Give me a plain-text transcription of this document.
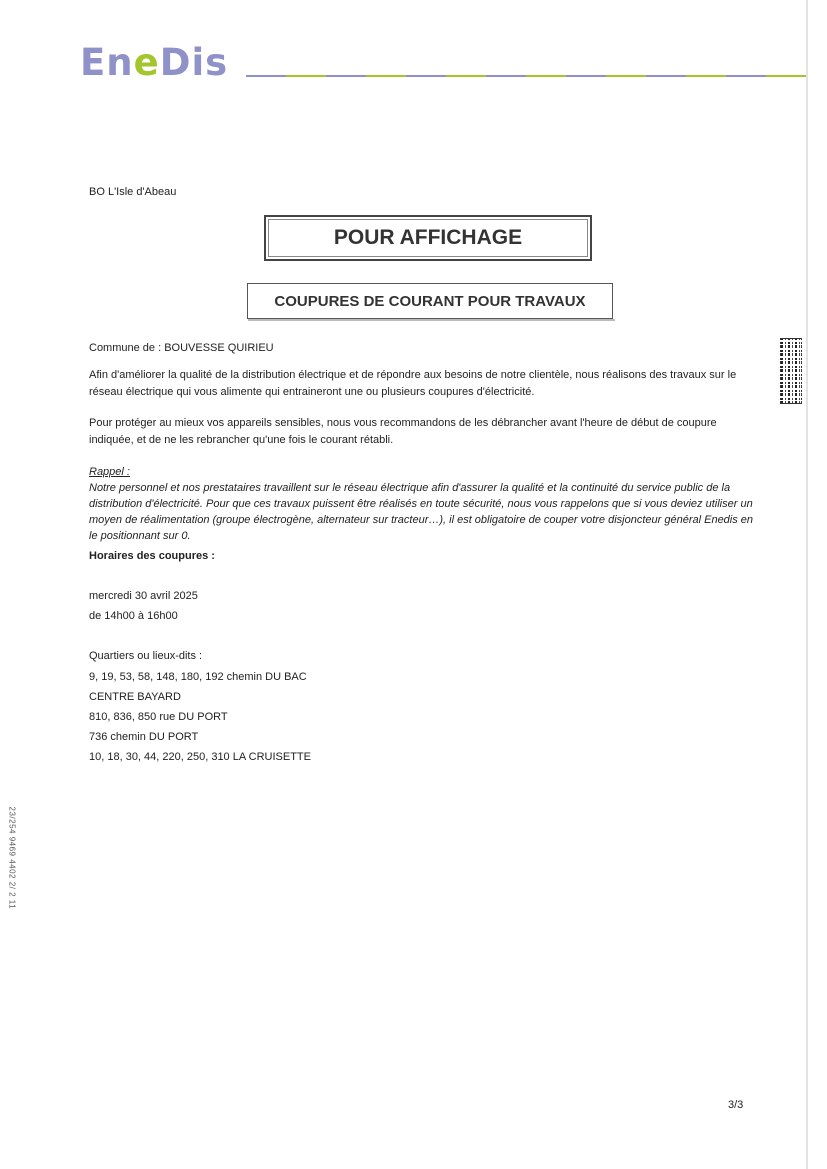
EneDis
BO L'Isle d'Abeau
POUR AFFICHAGE
COUPURES DE COURANT POUR TRAVAUX
Commune de : BOUVESSE QUIRIEU
Afin d'améliorer la qualité de la distribution électrique et de répondre aux besoins de notre clientèle, nous réalisons des travaux sur le réseau électrique qui vous alimente qui entraineront une ou plusieurs coupures d'électricité.
Pour protéger au mieux vos appareils sensibles, nous vous recommandons de les débrancher avant l'heure de début de coupure indiquée, et de ne les rebrancher qu'une fois le courant rétabli.
Rappel :
Notre personnel et nos prestataires travaillent sur le réseau électrique afin d'assurer la qualité et la continuité du service public de la distribution d'électricité. Pour que ces travaux puissent être réalisés en toute sécurité, nous vous rappelons que si vous deviez utiliser un moyen de réalimentation (groupe électrogène, alternateur sur tracteur…), il est obligatoire de couper votre disjoncteur général Enedis en le positionnant sur 0.
Horaires des coupures :
mercredi 30 avril 2025
de 14h00 à 16h00
Quartiers ou lieux-dits :
9, 19, 53, 58, 148, 180, 192 chemin DU BAC
CENTRE BAYARD
810, 836, 850 rue DU PORT
736 chemin DU PORT
10, 18, 30, 44, 220, 250, 310 LA CRUISETTE
23/254 9469 4402 2/ 2 11
3/3
